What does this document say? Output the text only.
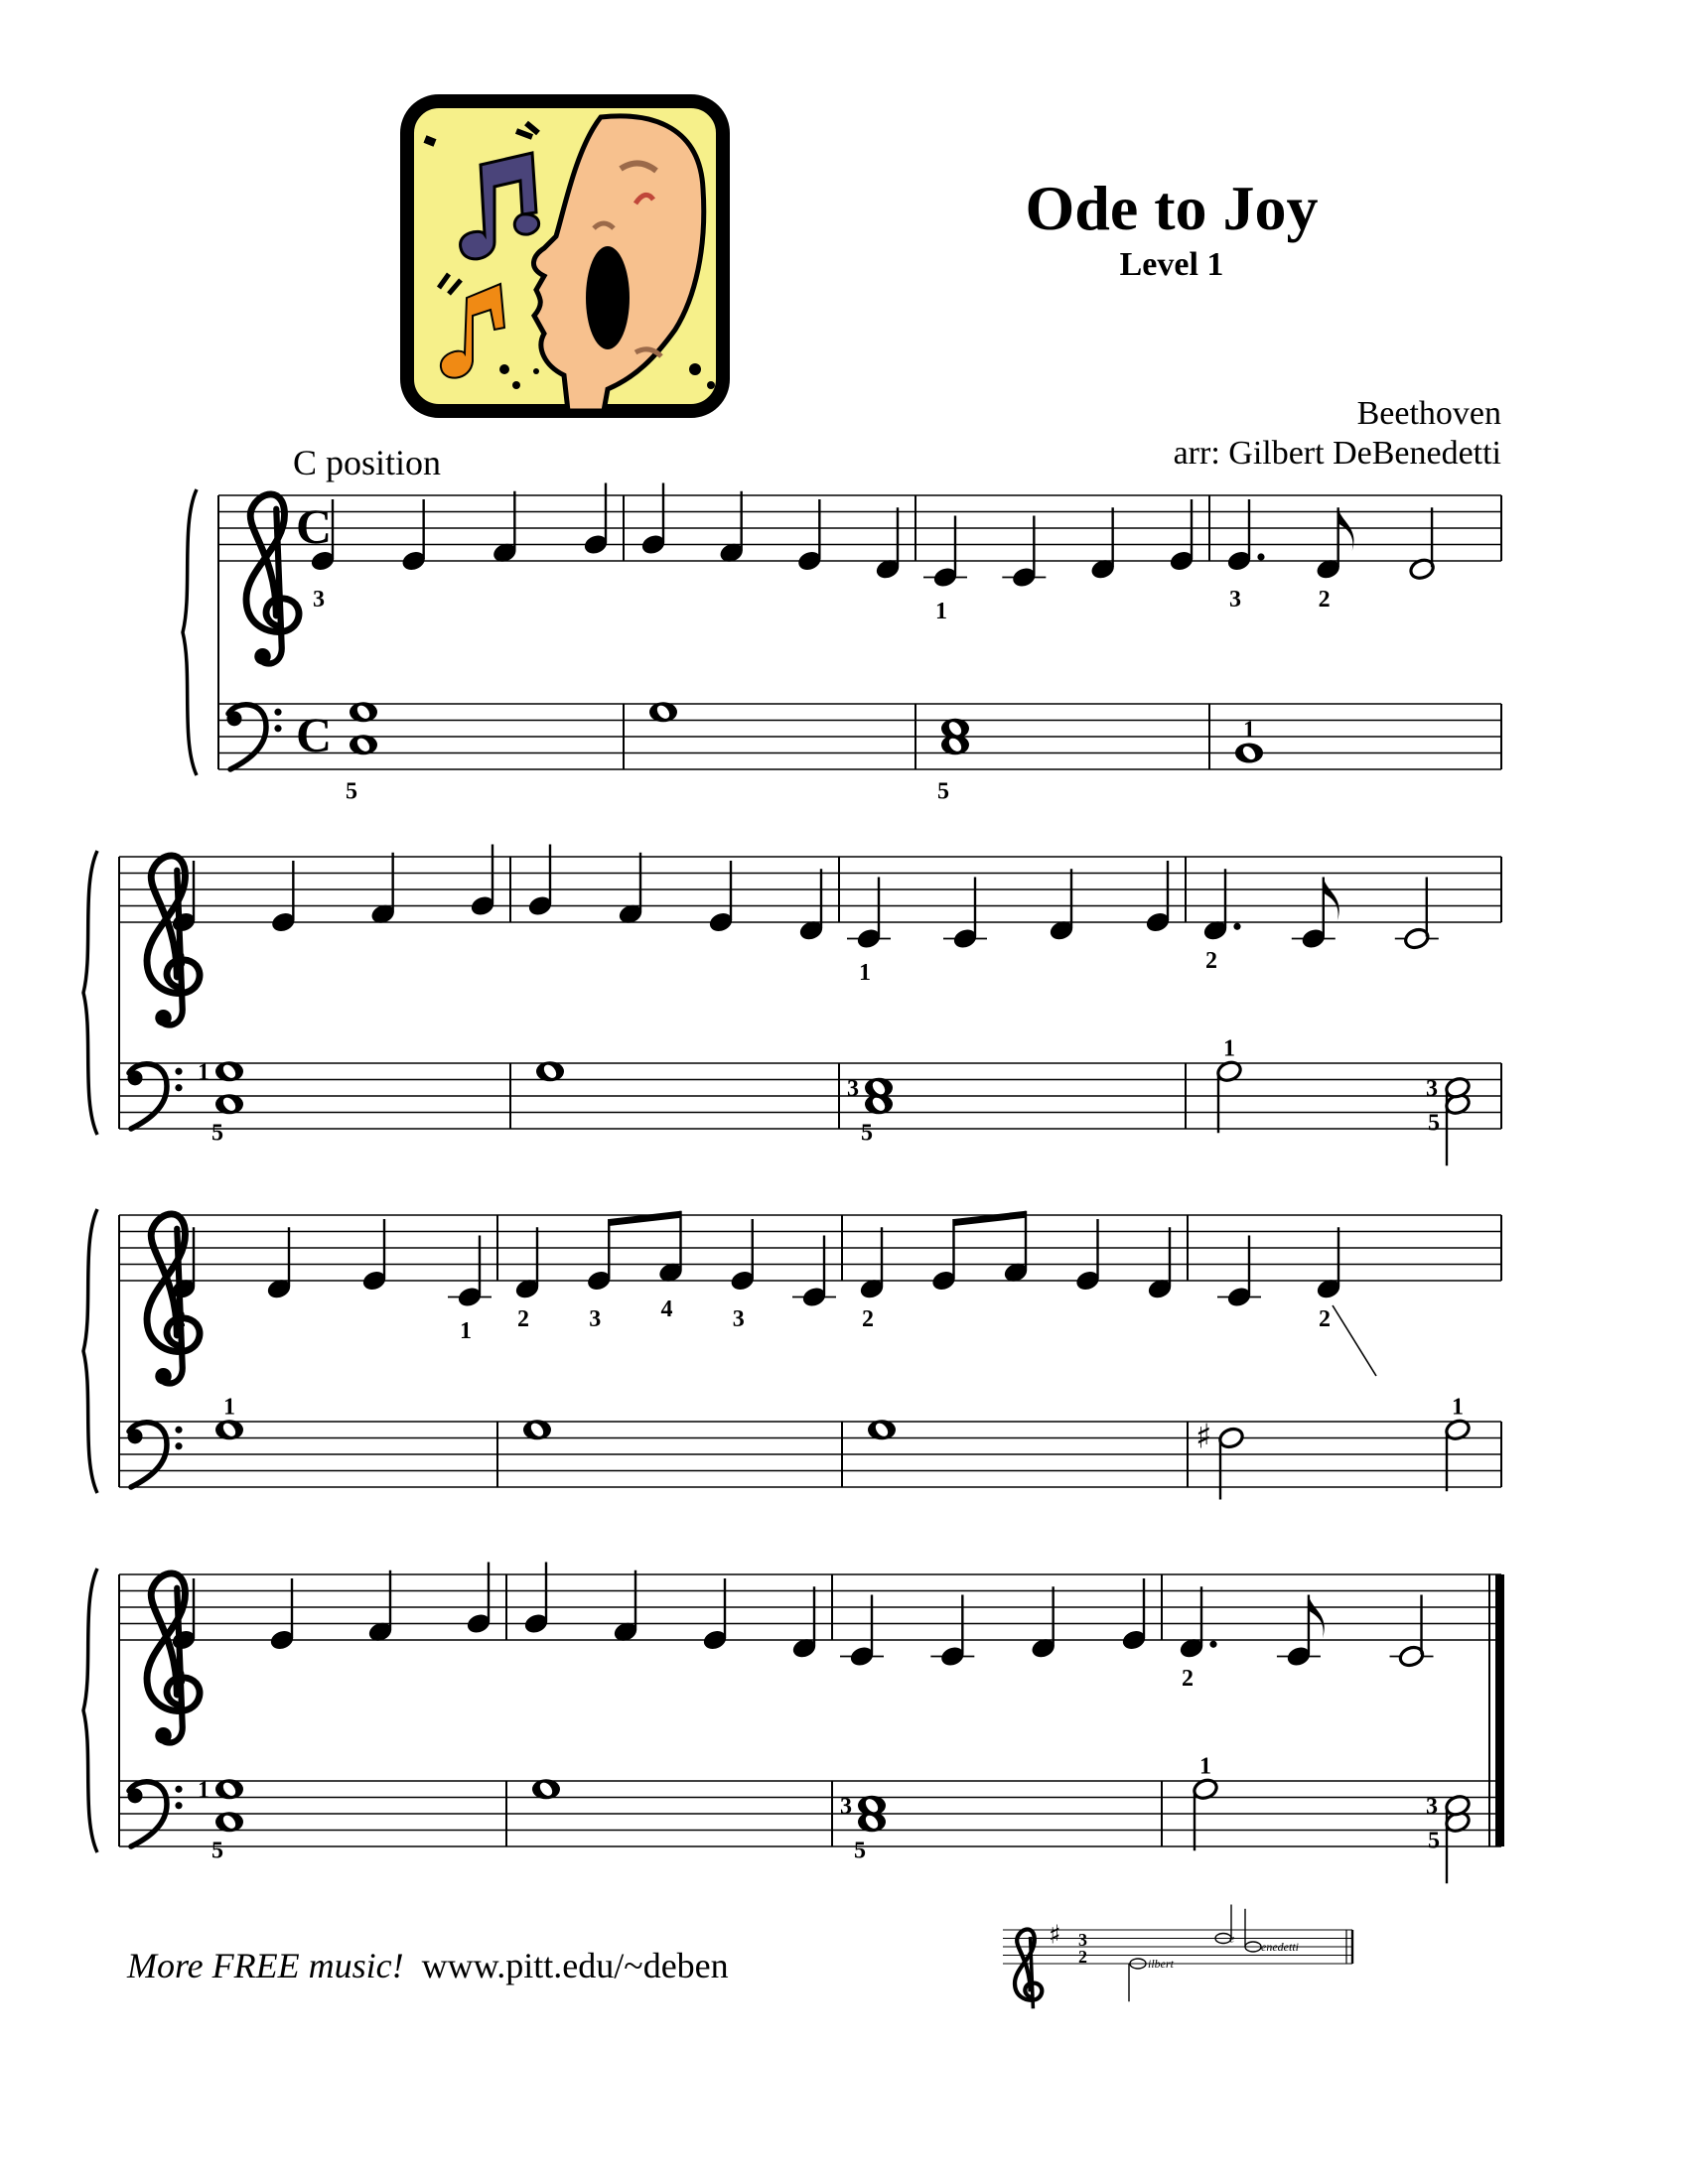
C
3	1	3	2
C
5	5
1
3	1	2
5
1
5
3
1
3
5
2	1 2	3	4	3	2	2
1
♯
1
3	2
5
1
5
3
1
3
5
♯ 3
2	ilbert
enedetti
e
Ode to Joy
Level 1
Beethoven
arr: Gilbert DeBenedetti
C position
More FREE music! www.pitt.edu/~deben
